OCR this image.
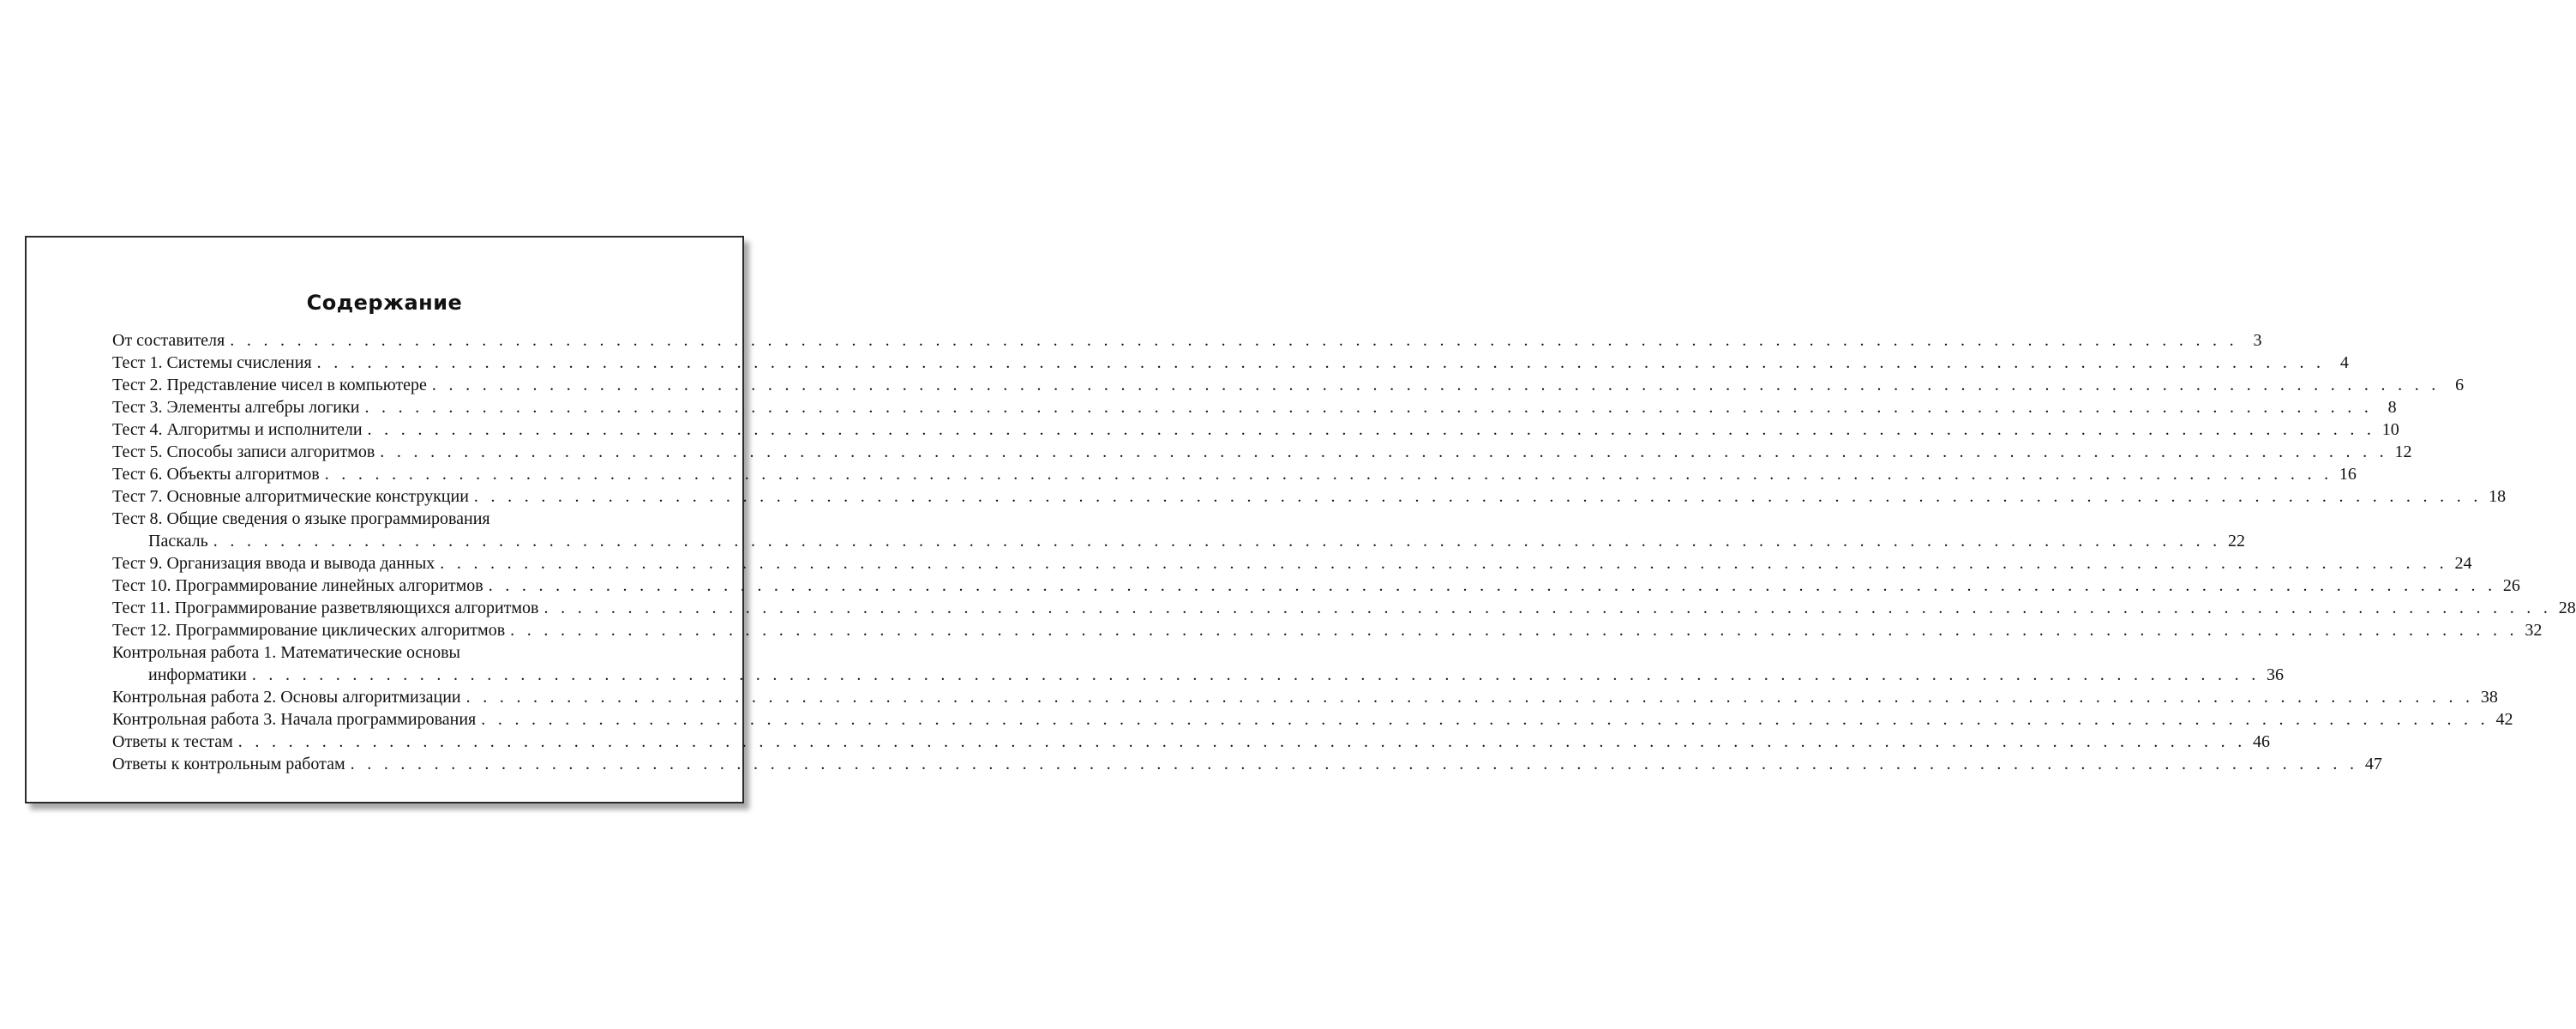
Содержание
От составителя . . . . . . . . . . . . . . . . . . . . . . . . . . . . . . . . . . . . . . . . . . . . . . . . . . . . . . . . . . . . . . . . . . . . . . . . . . . . . . . . . . . . . . . . . . . . . . . . . . . . . . . . . . . . . . . . . . . . . . . . 3
Тест 1. Системы счисления . . . . . . . . . . . . . . . . . . . . . . . . . . . . . . . . . . . . . . . . . . . . . . . . . . . . . . . . . . . . . . . . . . . . . . . . . . . . . . . . . . . . . . . . . . . . . . . . . . . . . . . . . . . . . . . . . . . . . . . . 4
Тест 2. Представление чисел в компьютере . . . . . . . . . . . . . . . . . . . . . . . . . . . . . . . . . . . . . . . . . . . . . . . . . . . . . . . . . . . . . . . . . . . . . . . . . . . . . . . . . . . . . . . . . . . . . . . . . . . . . . . . . . . . . . . . . . . . . . . . 6
Тест 3. Элементы алгебры логики . . . . . . . . . . . . . . . . . . . . . . . . . . . . . . . . . . . . . . . . . . . . . . . . . . . . . . . . . . . . . . . . . . . . . . . . . . . . . . . . . . . . . . . . . . . . . . . . . . . . . . . . . . . . . . . . . . . . . . . . 8
Тест 4. Алгоритмы и исполнители . . . . . . . . . . . . . . . . . . . . . . . . . . . . . . . . . . . . . . . . . . . . . . . . . . . . . . . . . . . . . . . . . . . . . . . . . . . . . . . . . . . . . . . . . . . . . . . . . . . . . . . . . . . . . . . . . . . . . . . . 10
Тест 5. Способы записи алгоритмов . . . . . . . . . . . . . . . . . . . . . . . . . . . . . . . . . . . . . . . . . . . . . . . . . . . . . . . . . . . . . . . . . . . . . . . . . . . . . . . . . . . . . . . . . . . . . . . . . . . . . . . . . . . . . . . . . . . . . . . . 12
Тест 6. Объекты алгоритмов . . . . . . . . . . . . . . . . . . . . . . . . . . . . . . . . . . . . . . . . . . . . . . . . . . . . . . . . . . . . . . . . . . . . . . . . . . . . . . . . . . . . . . . . . . . . . . . . . . . . . . . . . . . . . . . . . . . . . . . . 16
Тест 7. Основные алгоритмические конструкции . . . . . . . . . . . . . . . . . . . . . . . . . . . . . . . . . . . . . . . . . . . . . . . . . . . . . . . . . . . . . . . . . . . . . . . . . . . . . . . . . . . . . . . . . . . . . . . . . . . . . . . . . . . . . . . . . . . . . . . . 18
Тест 8. Общие сведения о языке программирования
Паскаль . . . . . . . . . . . . . . . . . . . . . . . . . . . . . . . . . . . . . . . . . . . . . . . . . . . . . . . . . . . . . . . . . . . . . . . . . . . . . . . . . . . . . . . . . . . . . . . . . . . . . . . . . . . . . . . . . . . . . . . . 22
Тест 9. Организация ввода и вывода данных . . . . . . . . . . . . . . . . . . . . . . . . . . . . . . . . . . . . . . . . . . . . . . . . . . . . . . . . . . . . . . . . . . . . . . . . . . . . . . . . . . . . . . . . . . . . . . . . . . . . . . . . . . . . . . . . . . . . . . . . 24
Тест 10. Программирование линейных алгоритмов . . . . . . . . . . . . . . . . . . . . . . . . . . . . . . . . . . . . . . . . . . . . . . . . . . . . . . . . . . . . . . . . . . . . . . . . . . . . . . . . . . . . . . . . . . . . . . . . . . . . . . . . . . . . . . . . . . . . . . . . 26
Тест 11. Программирование разветвляющихся алгоритмов . . . . . . . . . . . . . . . . . . . . . . . . . . . . . . . . . . . . . . . . . . . . . . . . . . . . . . . . . . . . . . . . . . . . . . . . . . . . . . . . . . . . . . . . . . . . . . . . . . . . . . . . . . . . . . . . . . . . . . . . 28
Тест 12. Программирование циклических алгоритмов . . . . . . . . . . . . . . . . . . . . . . . . . . . . . . . . . . . . . . . . . . . . . . . . . . . . . . . . . . . . . . . . . . . . . . . . . . . . . . . . . . . . . . . . . . . . . . . . . . . . . . . . . . . . . . . . . . . . . . . . 32
Контрольная работа 1. Математические основы
информатики . . . . . . . . . . . . . . . . . . . . . . . . . . . . . . . . . . . . . . . . . . . . . . . . . . . . . . . . . . . . . . . . . . . . . . . . . . . . . . . . . . . . . . . . . . . . . . . . . . . . . . . . . . . . . . . . . . . . . . . . 36
Контрольная работа 2. Основы алгоритмизации . . . . . . . . . . . . . . . . . . . . . . . . . . . . . . . . . . . . . . . . . . . . . . . . . . . . . . . . . . . . . . . . . . . . . . . . . . . . . . . . . . . . . . . . . . . . . . . . . . . . . . . . . . . . . . . . . . . . . . . . 38
Контрольная работа 3. Начала программирования . . . . . . . . . . . . . . . . . . . . . . . . . . . . . . . . . . . . . . . . . . . . . . . . . . . . . . . . . . . . . . . . . . . . . . . . . . . . . . . . . . . . . . . . . . . . . . . . . . . . . . . . . . . . . . . . . . . . . . . . 42
Ответы к тестам . . . . . . . . . . . . . . . . . . . . . . . . . . . . . . . . . . . . . . . . . . . . . . . . . . . . . . . . . . . . . . . . . . . . . . . . . . . . . . . . . . . . . . . . . . . . . . . . . . . . . . . . . . . . . . . . . . . . . . . . 46
Ответы к контрольным работам . . . . . . . . . . . . . . . . . . . . . . . . . . . . . . . . . . . . . . . . . . . . . . . . . . . . . . . . . . . . . . . . . . . . . . . . . . . . . . . . . . . . . . . . . . . . . . . . . . . . . . . . . . . . . . . . . . . . . . . . 47
